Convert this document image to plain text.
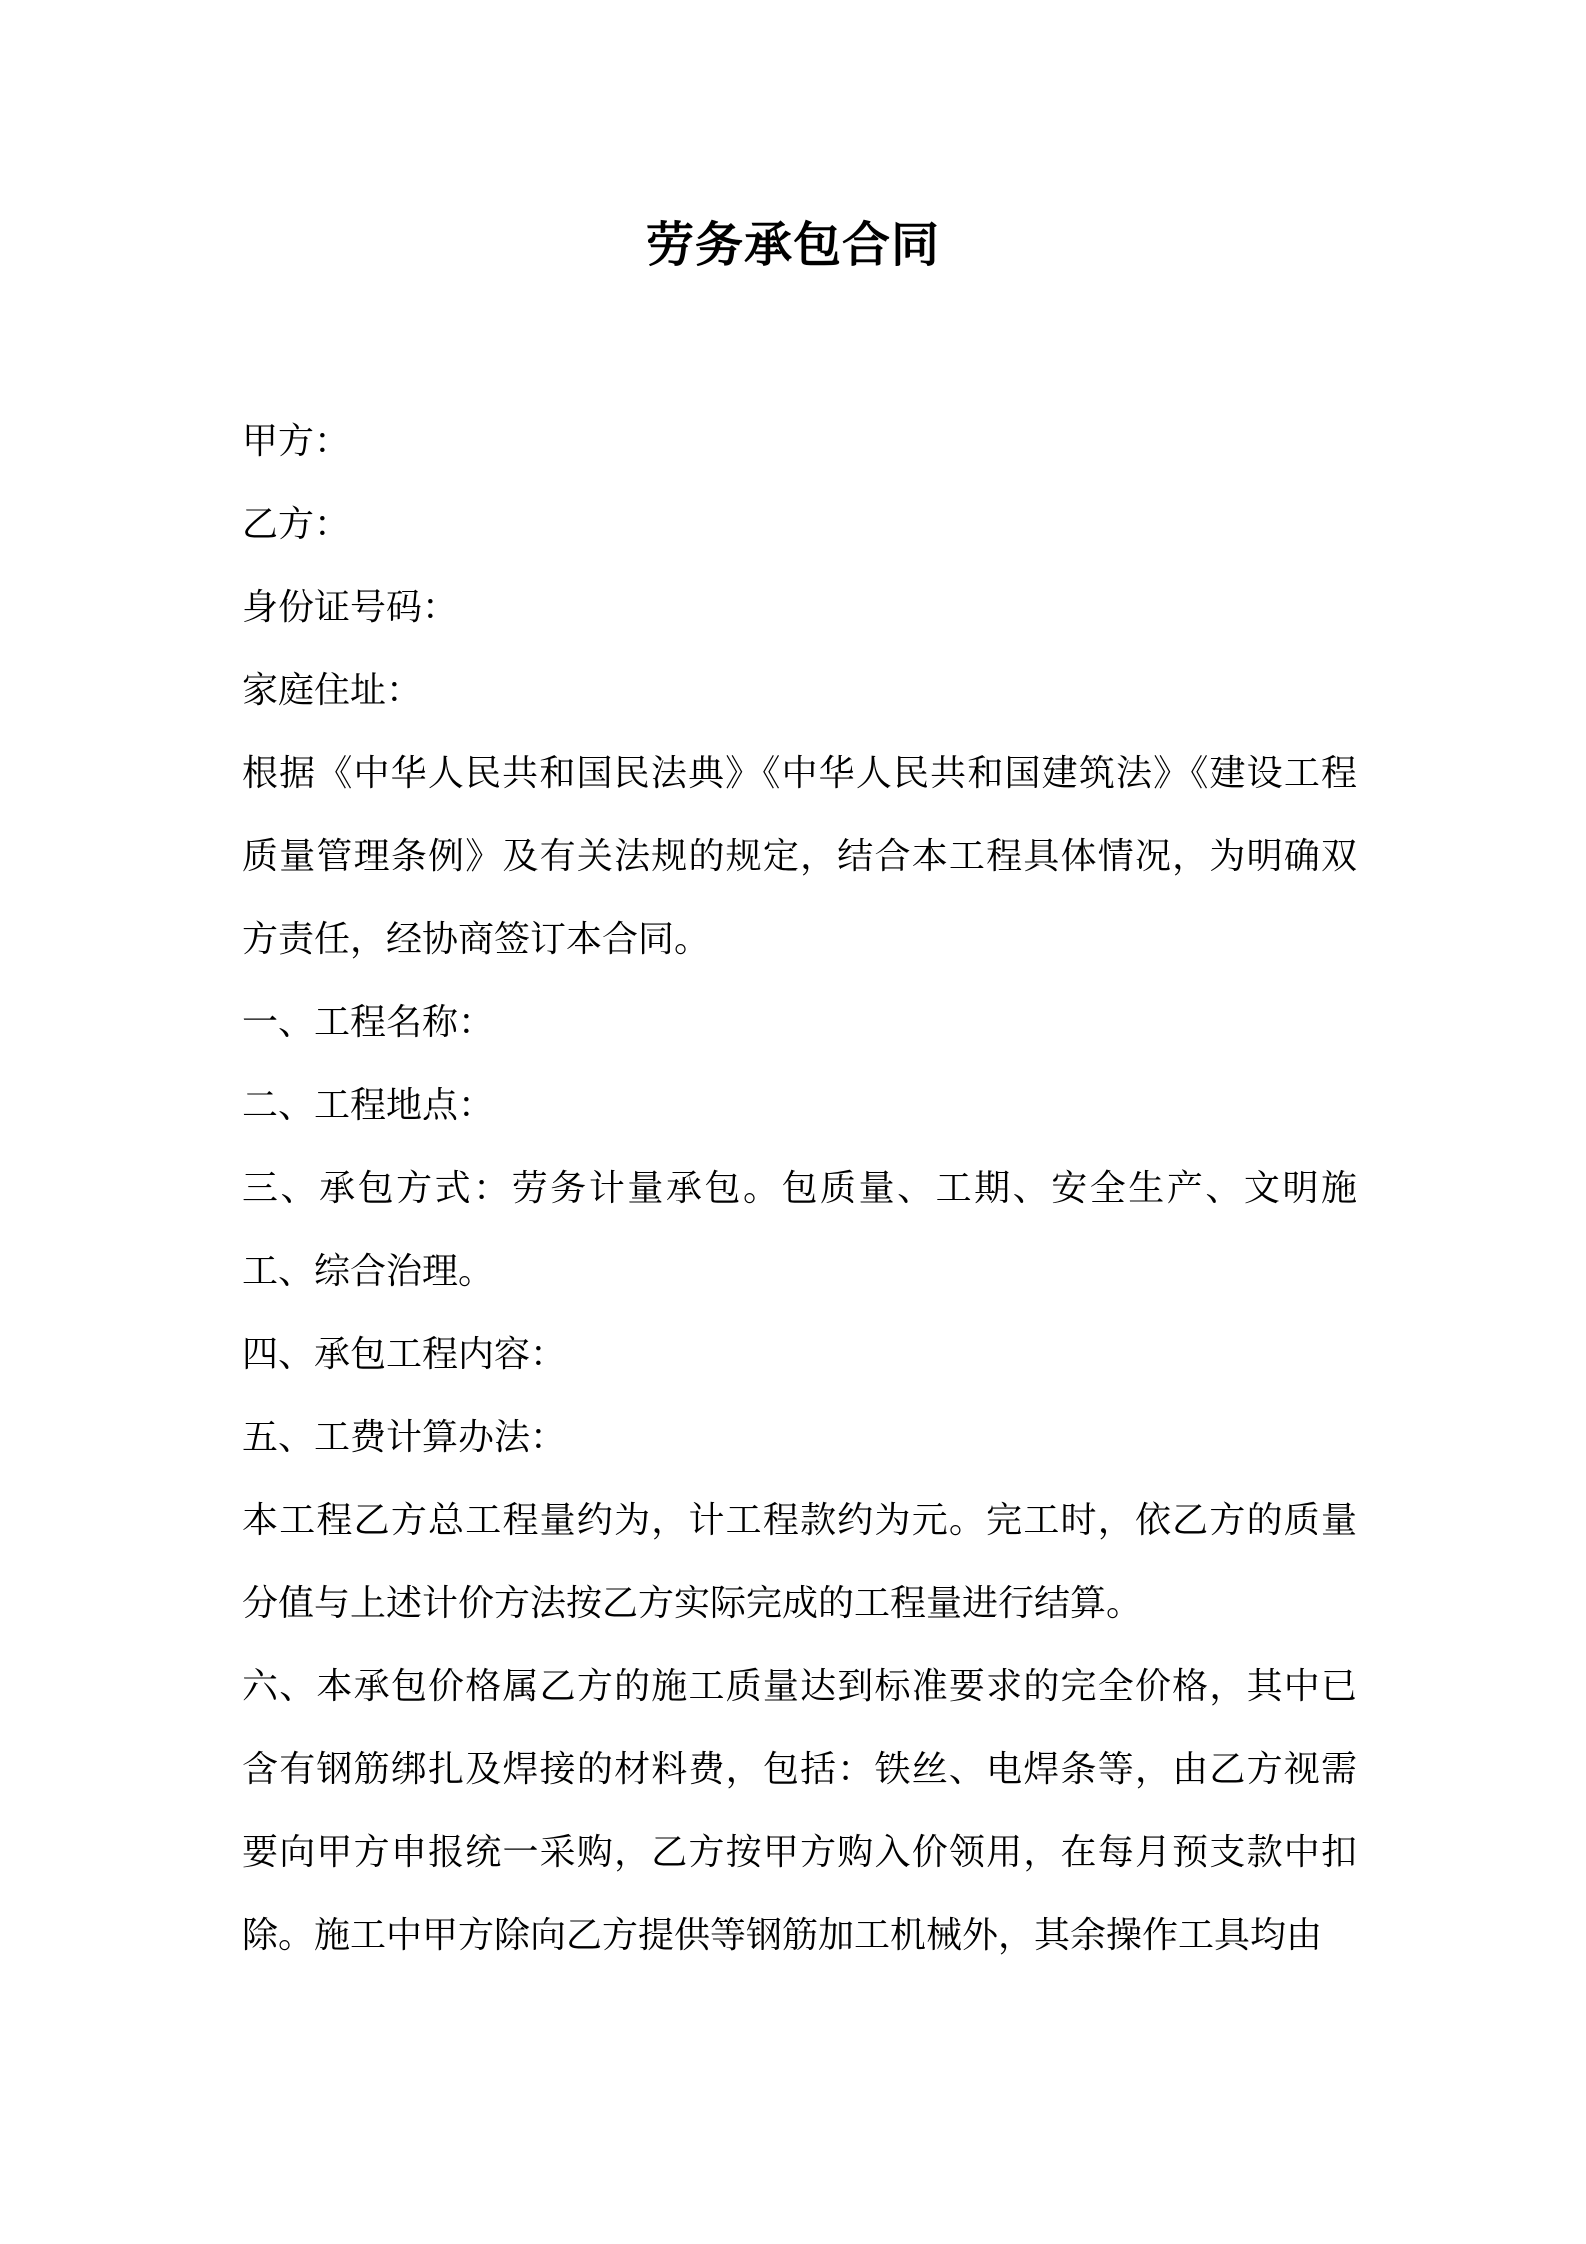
劳务承包合同

甲方：

乙方：

身份证号码：

家庭住址：

根据《中华人民共和国民法典》《中华人民共和国建筑法》《建设工程质量管理条例》及有关法规的规定，结合本工程具体情况，为明确双方责任，经协商签订本合同。

一、工程名称：

二、工程地点：

三、承包方式：劳务计量承包。包质量、工期、安全生产、文明施工、综合治理。

四、承包工程内容：

五、工费计算办法：

本工程乙方总工程量约为，计工程款约为元。完工时，依乙方的质量分值与上述计价方法按乙方实际完成的工程量进行结算。

六、本承包价格属乙方的施工质量达到标准要求的完全价格，其中已含有钢筋绑扎及焊接的材料费，包括：铁丝、电焊条等，由乙方视需要向甲方申报统一采购，乙方按甲方购入价领用，在每月预支款中扣除。施工中甲方除向乙方提供等钢筋加工机械外，其余操作工具均由
